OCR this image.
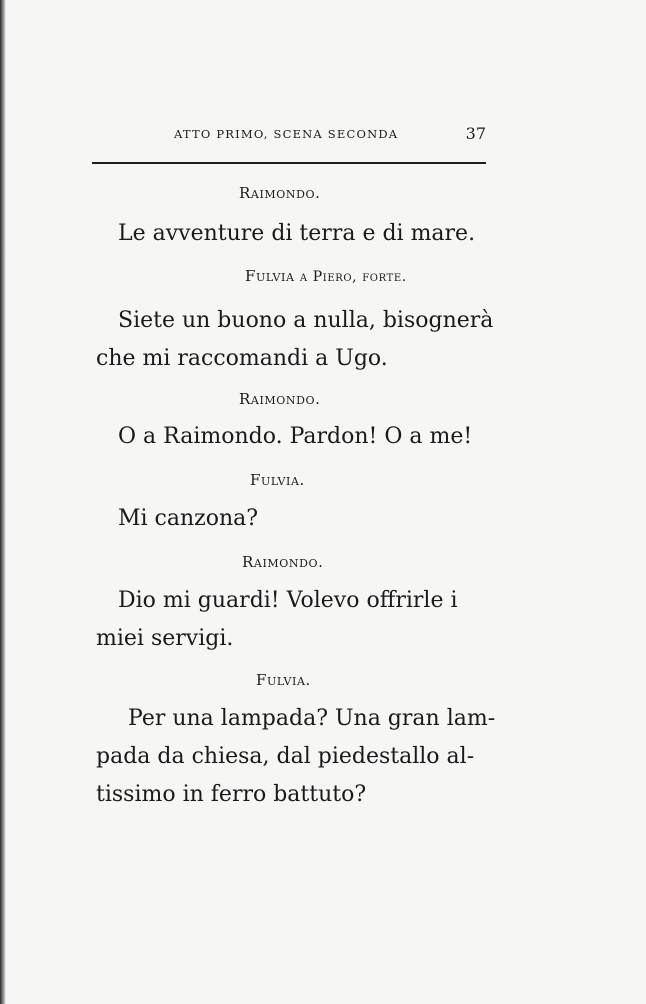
ATTO PRIMO, SCENA SECONDA	37

Raimondo.

Le avventure di terra e di mare.

Fulvia a Piero, forte.

Siete un buono a nulla, bisognerà

che mi raccomandi a Ugo.

Raimondo.

O a Raimondo. Pardon! O a me!

Fulvia.

Mi canzona?

Raimondo.

Dio mi guardi! Volevo offrirle i

miei servigi.

Fulvia.

Per una lampada? Una gran lam-

pada da chiesa, dal piedestallo al-

tissimo in ferro battuto?
